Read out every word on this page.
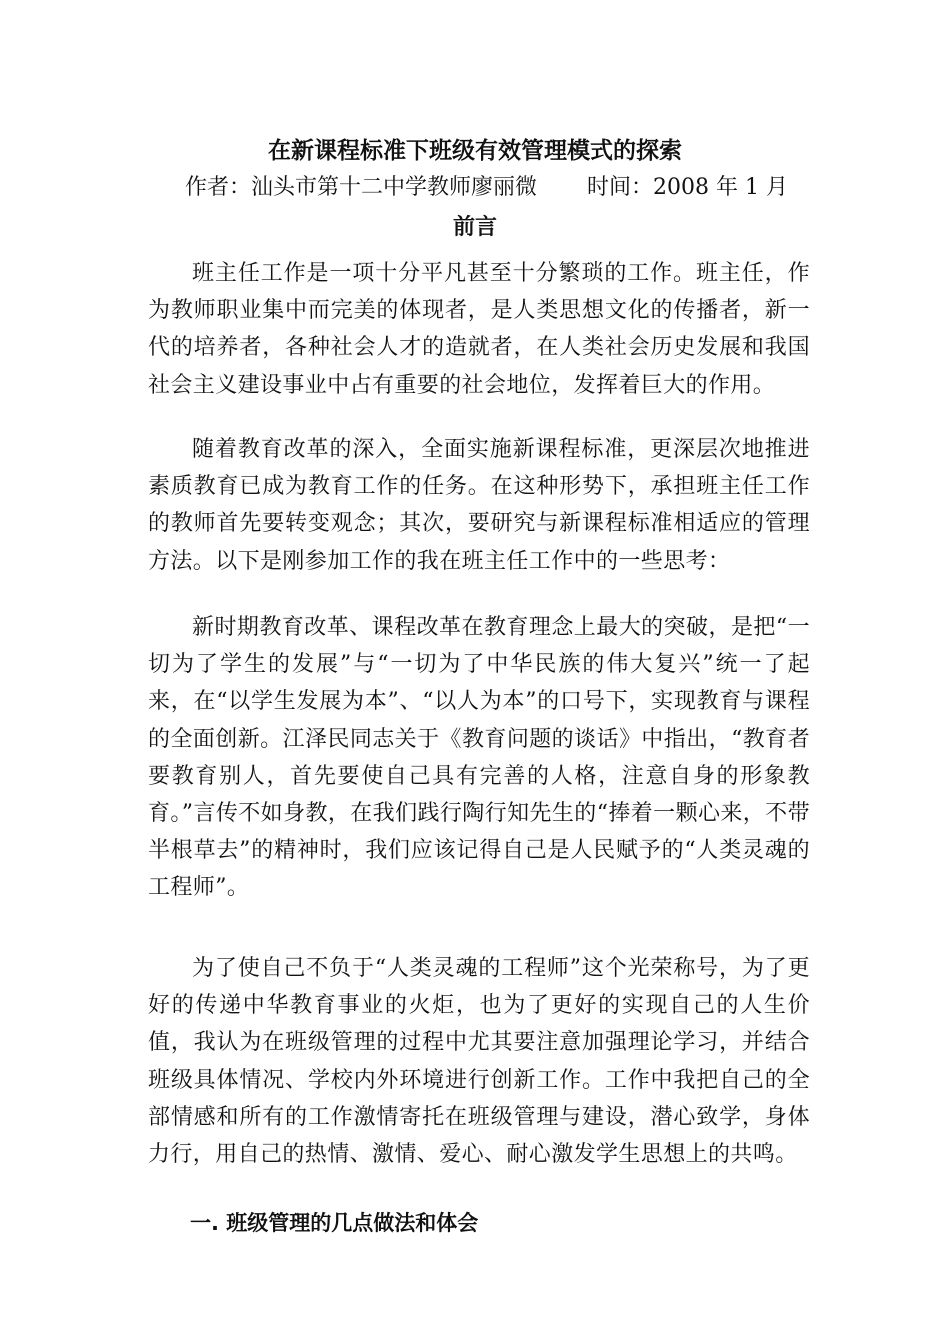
在新课程标准下班级有效管理模式的探索
作者：汕头市第十二中学教师廖丽微 时间：2008 年 1 月
前言

班主任工作是一项十分平凡甚至十分繁琐的工作。班主任，作为教师职业集中而完美的体现者，是人类思想文化的传播者，新一代的培养者，各种社会人才的造就者，在人类社会历史发展和我国社会主义建设事业中占有重要的社会地位，发挥着巨大的作用。

随着教育改革的深入，全面实施新课程标准，更深层次地推进素质教育已成为教育工作的任务。在这种形势下，承担班主任工作的教师首先要转变观念；其次，要研究与新课程标准相适应的管理方法。以下是刚参加工作的我在班主任工作中的一些思考：

新时期教育改革、课程改革在教育理念上最大的突破，是把“一切为了学生的发展”与“一切为了中华民族的伟大复兴”统一了起来，在“以学生发展为本”、“以人为本”的口号下，实现教育与课程的全面创新。江泽民同志关于《教育问题的谈话》中指出，“教育者要教育别人，首先要使自己具有完善的人格，注意自身的形象教育。”言传不如身教，在我们践行陶行知先生的“捧着一颗心来，不带半根草去”的精神时，我们应该记得自己是人民赋予的“人类灵魂的工程师”。

为了使自己不负于“人类灵魂的工程师”这个光荣称号，为了更好的传递中华教育事业的火炬，也为了更好的实现自己的人生价值，我认为在班级管理的过程中尤其要注意加强理论学习，并结合班级具体情况、学校内外环境进行创新工作。工作中我把自己的全部情感和所有的工作激情寄托在班级管理与建设，潜心致学，身体力行，用自己的热情、激情、爱心、耐心激发学生思想上的共鸣。

一. 班级管理的几点做法和体会
